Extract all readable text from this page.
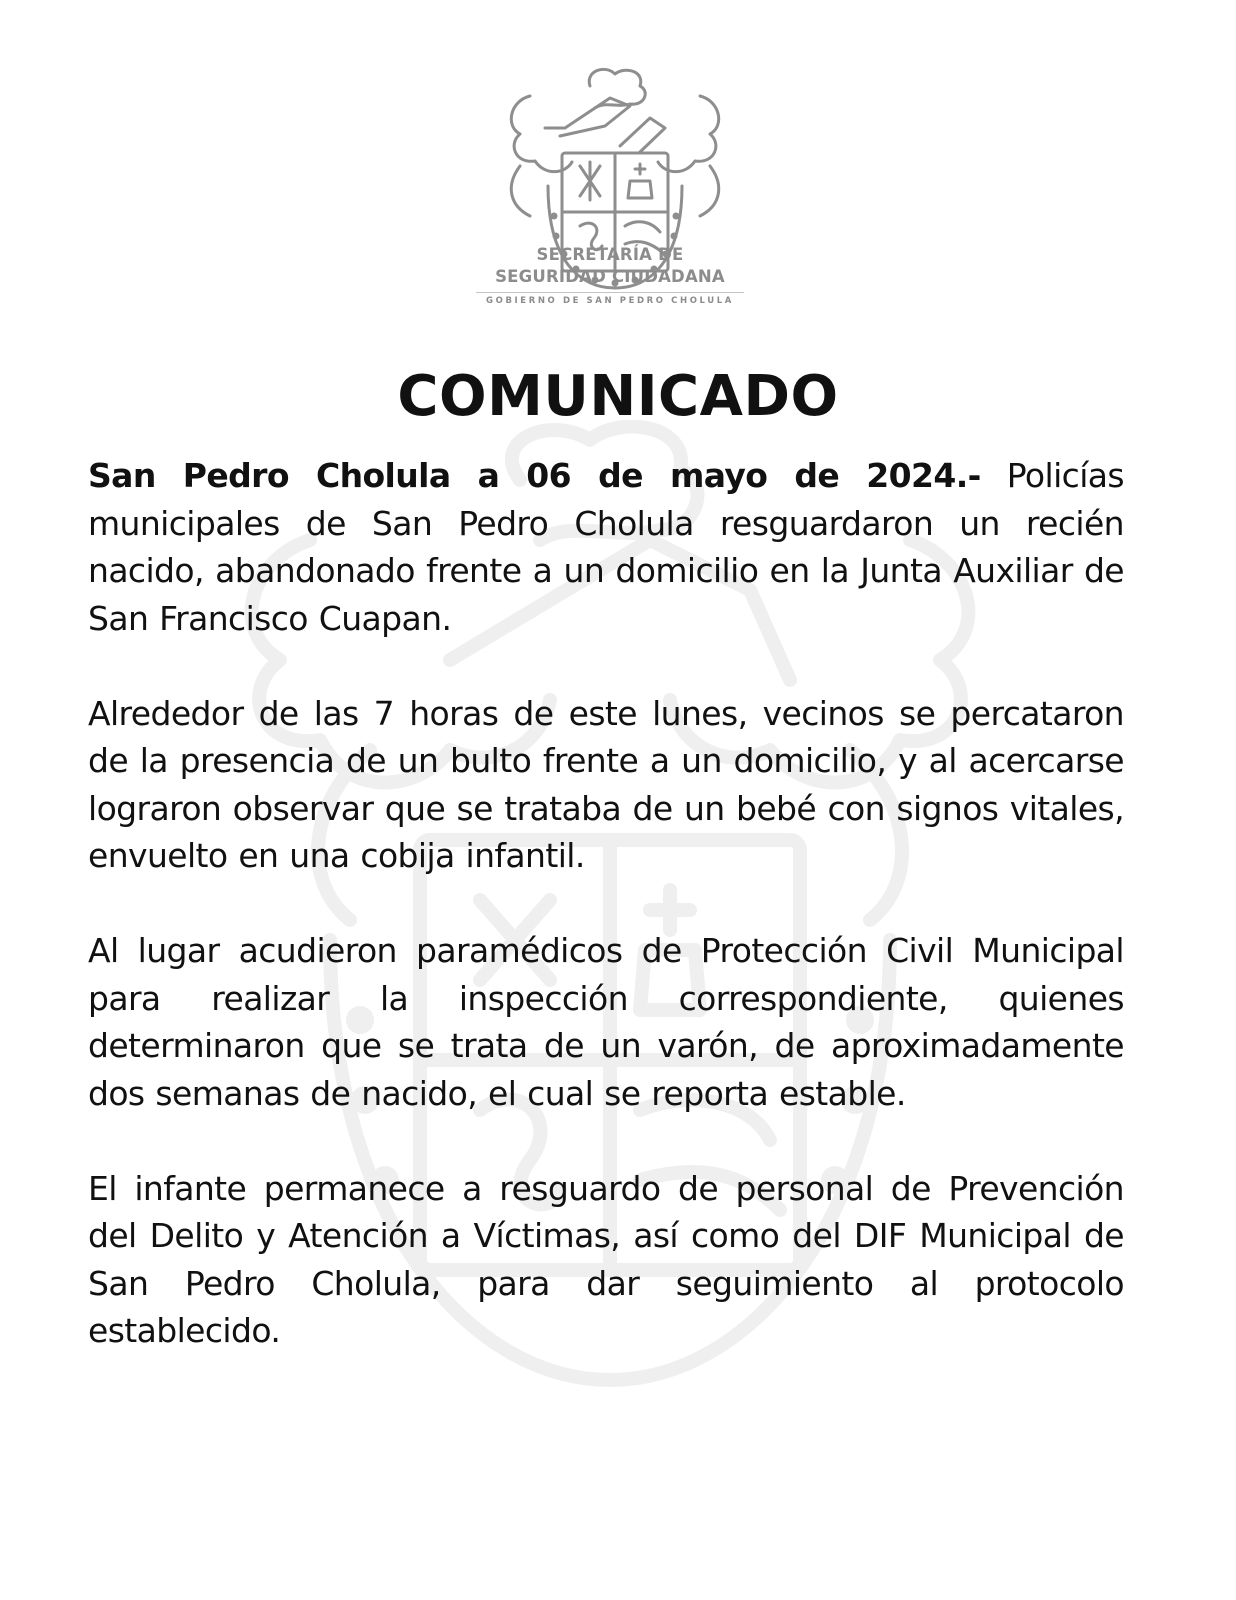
SECRETARÍA DE
SEGURIDAD CIUDADANA
GOBIERNO DE SAN PEDRO CHOLULA
COMUNICADO

San Pedro Cholula a 06 de mayo de 2024.- Policías municipales de San Pedro Cholula resguardaron un recién nacido, abandonado frente a un domicilio en la Junta Auxiliar de San Francisco Cuapan.

Alrededor de las 7 horas de este lunes, vecinos se percataron de la presencia de un bulto frente a un domicilio, y al acercarse lograron observar que se trataba de un bebé con signos vitales, envuelto en una cobija infantil.

Al lugar acudieron paramédicos de Protección Civil Municipal para realizar la inspección correspondiente, quienes determinaron que se trata de un varón, de aproximadamente dos semanas de nacido, el cual se reporta estable.

El infante permanece a resguardo de personal de Prevención del Delito y Atención a Víctimas, así como del DIF Municipal de San Pedro Cholula, para dar seguimiento al protocolo establecido.
